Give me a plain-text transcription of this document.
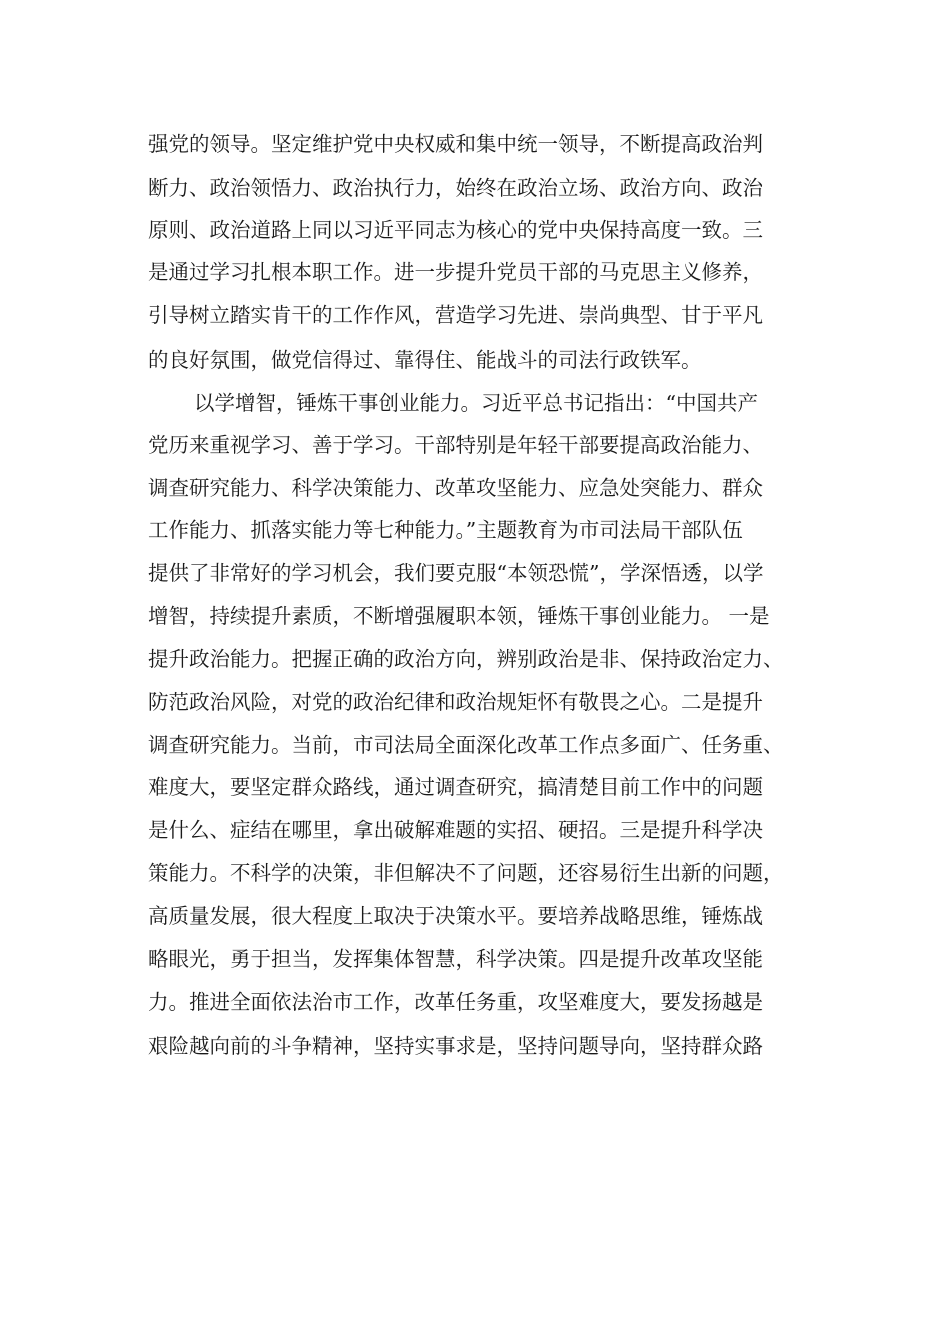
强党的领导。坚定维护党中央权威和集中统一领导，不断提高政治判
断力、政治领悟力、政治执行力，始终在政治立场、政治方向、政治
原则、政治道路上同以习近平同志为核心的党中央保持高度一致。三
是通过学习扎根本职工作。进一步提升党员干部的马克思主义修养，
引导树立踏实肯干的工作作风，营造学习先进、崇尚典型、甘于平凡
的良好氛围，做党信得过、靠得住、能战斗的司法行政铁军。
以学增智，锤炼干事创业能力。习近平总书记指出：“中国共产
党历来重视学习、善于学习。干部特别是年轻干部要提高政治能力、
调查研究能力、科学决策能力、改革攻坚能力、应急处突能力、群众
工作能力、抓落实能力等七种能力。”主题教育为市司法局干部队伍
提供了非常好的学习机会，我们要克服“本领恐慌”，学深悟透，以学
增智，持续提升素质，不断增强履职本领，锤炼干事创业能力。 一是
提升政治能力。把握正确的政治方向，辨别政治是非、保持政治定力、
防范政治风险，对党的政治纪律和政治规矩怀有敬畏之心。二是提升
调查研究能力。当前，市司法局全面深化改革工作点多面广、任务重、
难度大，要坚定群众路线，通过调查研究，搞清楚目前工作中的问题
是什么、症结在哪里，拿出破解难题的实招、硬招。三是提升科学决
策能力。不科学的决策，非但解决不了问题，还容易衍生出新的问题，
高质量发展，很大程度上取决于决策水平。要培养战略思维，锤炼战
略眼光，勇于担当，发挥集体智慧，科学决策。四是提升改革攻坚能
力。推进全面依法治市工作，改革任务重，攻坚难度大，要发扬越是
艰险越向前的斗争精神，坚持实事求是，坚持问题导向，坚持群众路
